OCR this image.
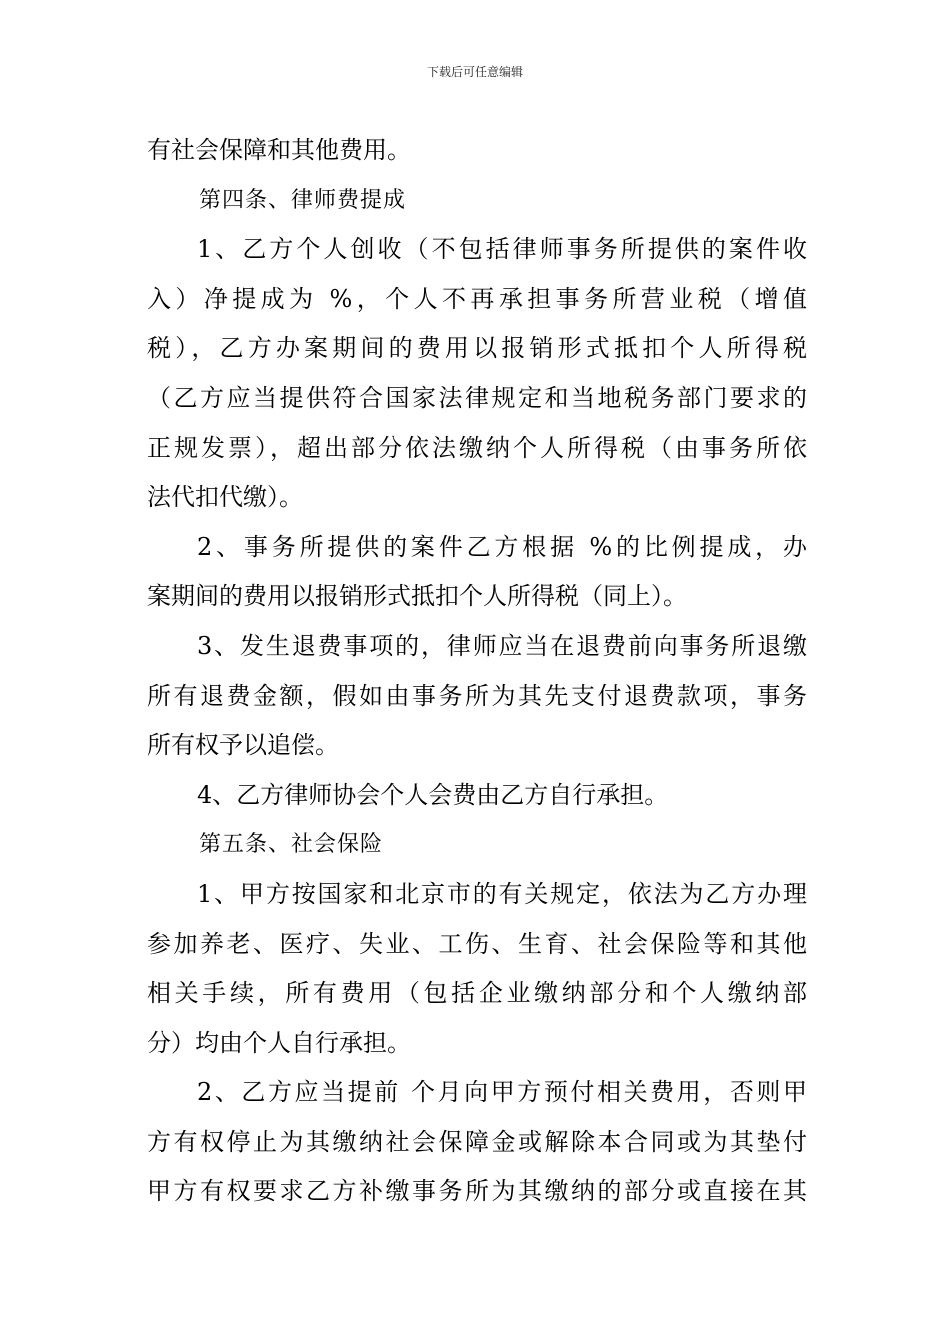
下载后可任意编辑
有社会保障和其他费用。
第四条、律师费提成
1、乙方个人创收（不包括律师事务所提供的案件收
入）净提成为 %，个人不再承担事务所营业税（增值
税），乙方办案期间的费用以报销形式抵扣个人所得税
（乙方应当提供符合国家法律规定和当地税务部门要求的
正规发票），超出部分依法缴纳个人所得税（由事务所依
法代扣代缴）。
2、事务所提供的案件乙方根据 %的比例提成，办
案期间的费用以报销形式抵扣个人所得税（同上）。
3、发生退费事项的，律师应当在退费前向事务所退缴
所有退费金额，假如由事务所为其先支付退费款项，事务
所有权予以追偿。
4、乙方律师协会个人会费由乙方自行承担。
第五条、社会保险
1、甲方按国家和北京市的有关规定，依法为乙方办理
参加养老、医疗、失业、工伤、生育、社会保险等和其他
相关手续，所有费用（包括企业缴纳部分和个人缴纳部
分）均由个人自行承担。
2、乙方应当提前 个月向甲方预付相关费用，否则甲
方有权停止为其缴纳社会保障金或解除本合同或为其垫付
甲方有权要求乙方补缴事务所为其缴纳的部分或直接在其
